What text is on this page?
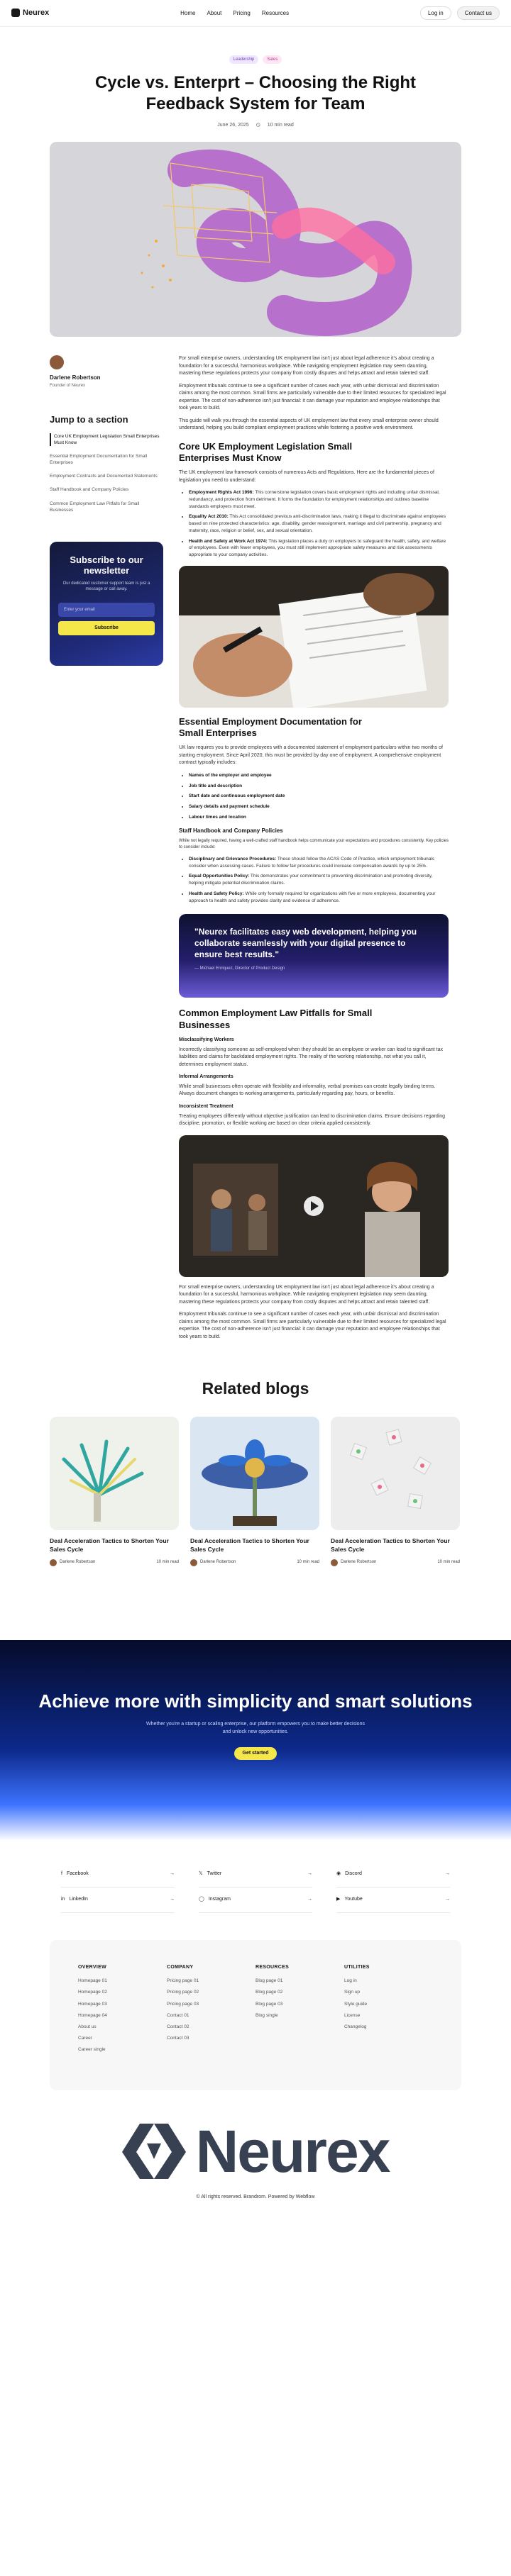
Neurex	Home About Pricing Resources	Log in	Contact us
Leadership	Sales
Cycle vs. Enterprt – Choosing the Right Feedback System for Team
June 26, 2025 ◷ 10 min read
Darlene Robertson
Founder of Neurex
Jump to a section
Core UK Employment Legislation Small Enterprises Must Know
Essential Employment Documentation for Small Enterprises
Employment Contracts and Documented Statements
Staff Handbook and Company Policies
Common Employment Law Pitfalls for Small Businesses
Subscribe to our newsletter
Our dedicated customer support team is just a message or call away.
Enter your email
Subscribe

For small enterprise owners, understanding UK employment law isn't just about legal adherence it's about creating a foundation for a successful, harmonious workplace. While navigating employment legislation may seem daunting, mastering these regulations protects your company from costly disputes and helps attract and retain talented staff.

Employment tribunals continue to see a significant number of cases each year, with unfair dismissal and discrimination claims among the most common. Small firms are particularly vulnerable due to their limited resources for specialized legal expertise. The cost of non-adherence isn't just financial: it can damage your reputation and employee relationships that took years to build.

This guide will walk you through the essential aspects of UK employment law that every small enterprise owner should understand, helping you build compliant employment practices while fostering a positive work environment.

Core UK Employment Legislation Small Enterprises Must Know

The UK employment law framework consists of numerous Acts and Regulations. Here are the fundamental pieces of legislation you need to understand:

• Employment Rights Act 1996: This cornerstone legislation covers basic employment rights and including unfair dismissal, redundancy, and protection from detriment. It forms the foundation for employment relationships and outlines baseline standards employers must meet.
• Equality Act 2010: This Act consolidated previous anti-discrimination laws, making it illegal to discriminate against employees based on nine protected characteristics: age, disability, gender reassignment, marriage and civil partnership, pregnancy and maternity, race, religion or belief, sex, and sexual orientation.
• Health and Safety at Work Act 1974: This legislation places a duty on employers to safeguard the health, safety, and welfare of employees. Even with fewer employees, you must still implement appropriate safety measures and risk assessments appropriate to your company activities.
Essential Employment Documentation for Small Enterprises

UK law requires you to provide employees with a documented statement of employment particulars within two months of starting employment. Since April 2020, this must be provided by day one of employment. A comprehensive employment contract typically includes:

• Names of the employer and employee
• Job title and description
• Start date and continuous employment date
• Salary details and payment schedule
• Labour times and location
Staff Handbook and Company Policies

While not legally required, having a well-crafted staff handbook helps communicate your expectations and procedures consistently. Key policies to consider include:

• Disciplinary and Grievance Procedures: These should follow the ACAS Code of Practice, which employment tribunals consider when assessing cases. Failure to follow fair procedures could increase compensation awards by up to 25%.
• Equal Opportunities Policy: This demonstrates your commitment to preventing discrimination and promoting diversity, helping mitigate potential discrimination claims.
• Health and Safety Policy: While only formally required for organizations with five or more employees, documenting your approach to health and safety provides clarity and evidence of adherence.
"Neurex facilitates easy web development, helping you collaborate seamlessly with your digital presence to ensure best results."
— Michael Enriquez, Director of Product Design
Common Employment Law Pitfalls for Small Businesses
Misclassifying Workers

Incorrectly classifying someone as self-employed when they should be an employee or worker can lead to significant tax liabilities and claims for backdated employment rights. The reality of the working relationship, not what you call it, determines employment status.

Informal Arrangements

While small businesses often operate with flexibility and informality, verbal promises can create legally binding terms. Always document changes to working arrangements, particularly regarding pay, hours, or benefits.

Inconsistent Treatment

Treating employees differently without objective justification can lead to discrimination claims. Ensure decisions regarding discipline, promotion, or flexible working are based on clear criteria applied consistently.

For small enterprise owners, understanding UK employment law isn't just about legal adherence it's about creating a foundation for a successful, harmonious workplace. While navigating employment legislation may seem daunting, mastering these regulations protects your company from costly disputes and helps attract and retain talented staff.

Employment tribunals continue to see a significant number of cases each year, with unfair dismissal and discrimination claims among the most common. Small firms are particularly vulnerable due to their limited resources for specialized legal expertise. The cost of non-adherence isn't just financial: it can damage your reputation and employee relationships that took years to build.

Related blogs
Deal Acceleration Tactics to Shorten Your Sales Cycle
Darlene Robertson	10 min read
Deal Acceleration Tactics to Shorten Your Sales Cycle
Darlene Robertson	10 min read
Deal Acceleration Tactics to Shorten Your Sales Cycle
Darlene Robertson	10 min read
Achieve more with simplicity and smart solutions
Whether you're a startup or scaling enterprise, our platform empowers you to make better decisions and unlock new opportunities.
Get started
f Facebook	→	𝕏 Twitter	→	◉ Discord	→
in LinkedIn	→	◯ Instagram	→	▶ Youtube	→
OVERVIEW
Homepage 01
Homepage 02
Homepage 03
Homepage 04
About us
Career
Career single
COMPANY
Pricing page 01
Pricing page 02
Pricing page 03
Contact 01
Contact 02
Contact 03
RESOURCES
Blog page 01
Blog page 02
Blog page 03
Blog single
UTILITIES
Log in
Sign up
Style guide
License
Changelog
Neurex
© All rights reserved. Brandrom. Powered by Webflow
